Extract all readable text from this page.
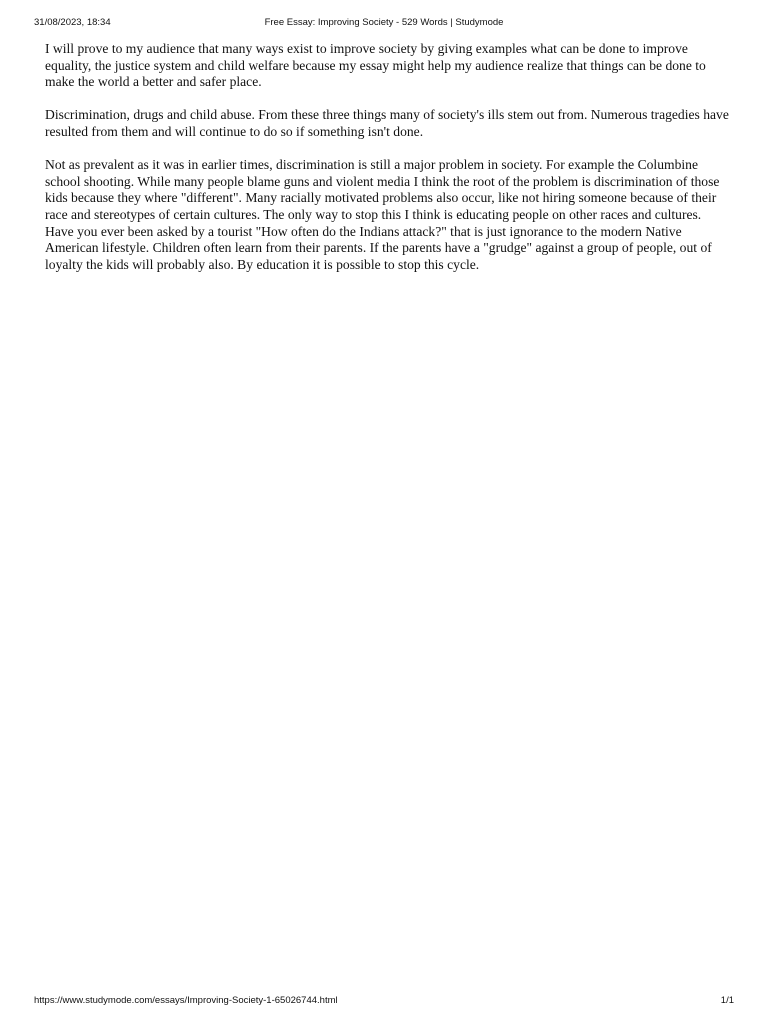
31/08/2023, 18:34	Free Essay: Improving Society - 529 Words | Studymode

I will prove to my audience that many ways exist to improve society by giving examples what can be done to improve equality, the justice system and child welfare because my essay might help my audience realize that things can be done to make the world a better and safer place.

Discrimination, drugs and child abuse. From these three things many of society's ills stem out from. Numerous tragedies have resulted from them and will continue to do so if something isn't done.

Not as prevalent as it was in earlier times, discrimination is still a major problem in society. For example the Columbine school shooting. While many people blame guns and violent media I think the root of the problem is discrimination of those kids because they where "different". Many racially motivated problems also occur, like not hiring someone because of their race and stereotypes of certain cultures. The only way to stop this I think is educating people on other races and cultures. Have you ever been asked by a tourist "How often do the Indians attack?" that is just ignorance to the modern Native American lifestyle. Children often learn from their parents. If the parents have a "grudge" against a group of people, out of loyalty the kids will probably also. By education it is possible to stop this cycle.

https://www.studymode.com/essays/Improving-Society-1-65026744.html	1/1
